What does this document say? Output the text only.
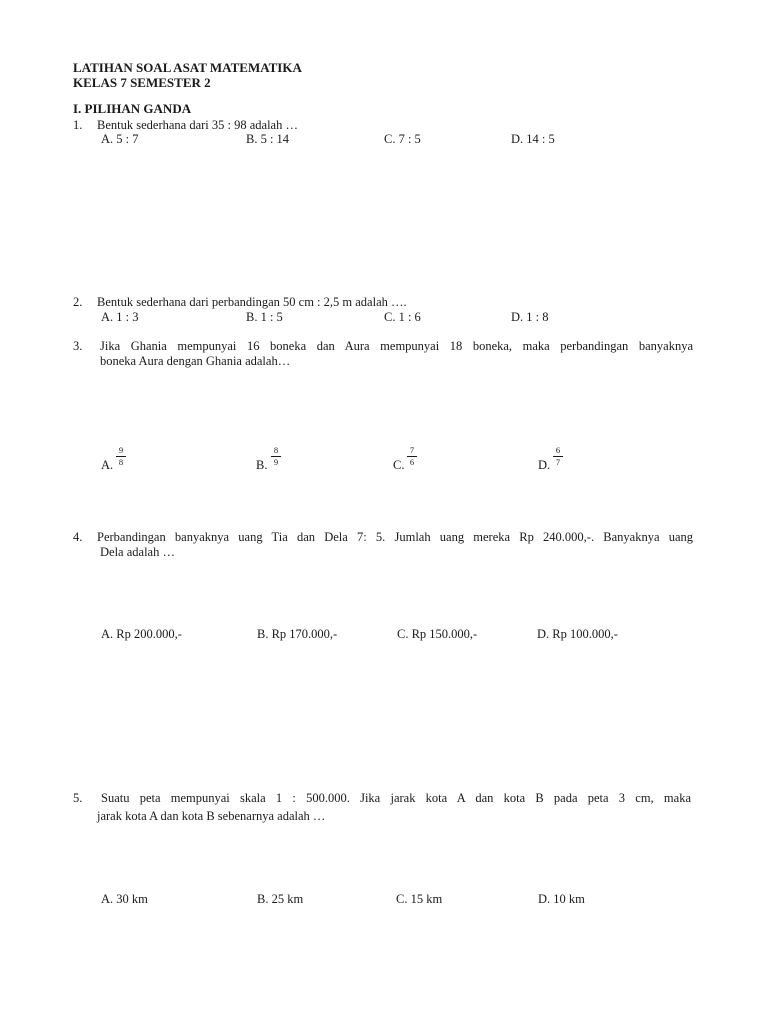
LATIHAN SOAL ASAT MATEMATIKA
KELAS 7 SEMESTER 2
I. PILIHAN GANDA
1. Bentuk sederhana dari 35 : 98 adalah …
A. 5 : 7	B. 5 : 14	C. 7 : 5	D. 14 : 5
2. Bentuk sederhana dari perbandingan 50 cm : 2,5 m adalah ….
A. 1 : 3	B. 1 : 5	C. 1 : 6	D. 1 : 8
3. Jika Ghania mempunyai 16 boneka dan Aura mempunyai 18 boneka, maka perbandingan banyaknya
boneka Aura dengan Ghania adalah…
A.
9
8	B.
8
9	C.
7
6	D.
6
7
4. Perbandingan banyaknya uang Tia dan Dela 7: 5. Jumlah uang mereka Rp 240.000,-. Banyaknya uang
Dela adalah …
A. Rp 200.000,-	B. Rp 170.000,-	C. Rp 150.000,-	D. Rp 100.000,-
5. Suatu peta mempunyai skala 1 : 500.000. Jika jarak kota A dan kota B pada peta 3 cm, maka
jarak kota A dan kota B sebenarnya adalah …
A. 30 km	B. 25 km	C. 15 km	D. 10 km
